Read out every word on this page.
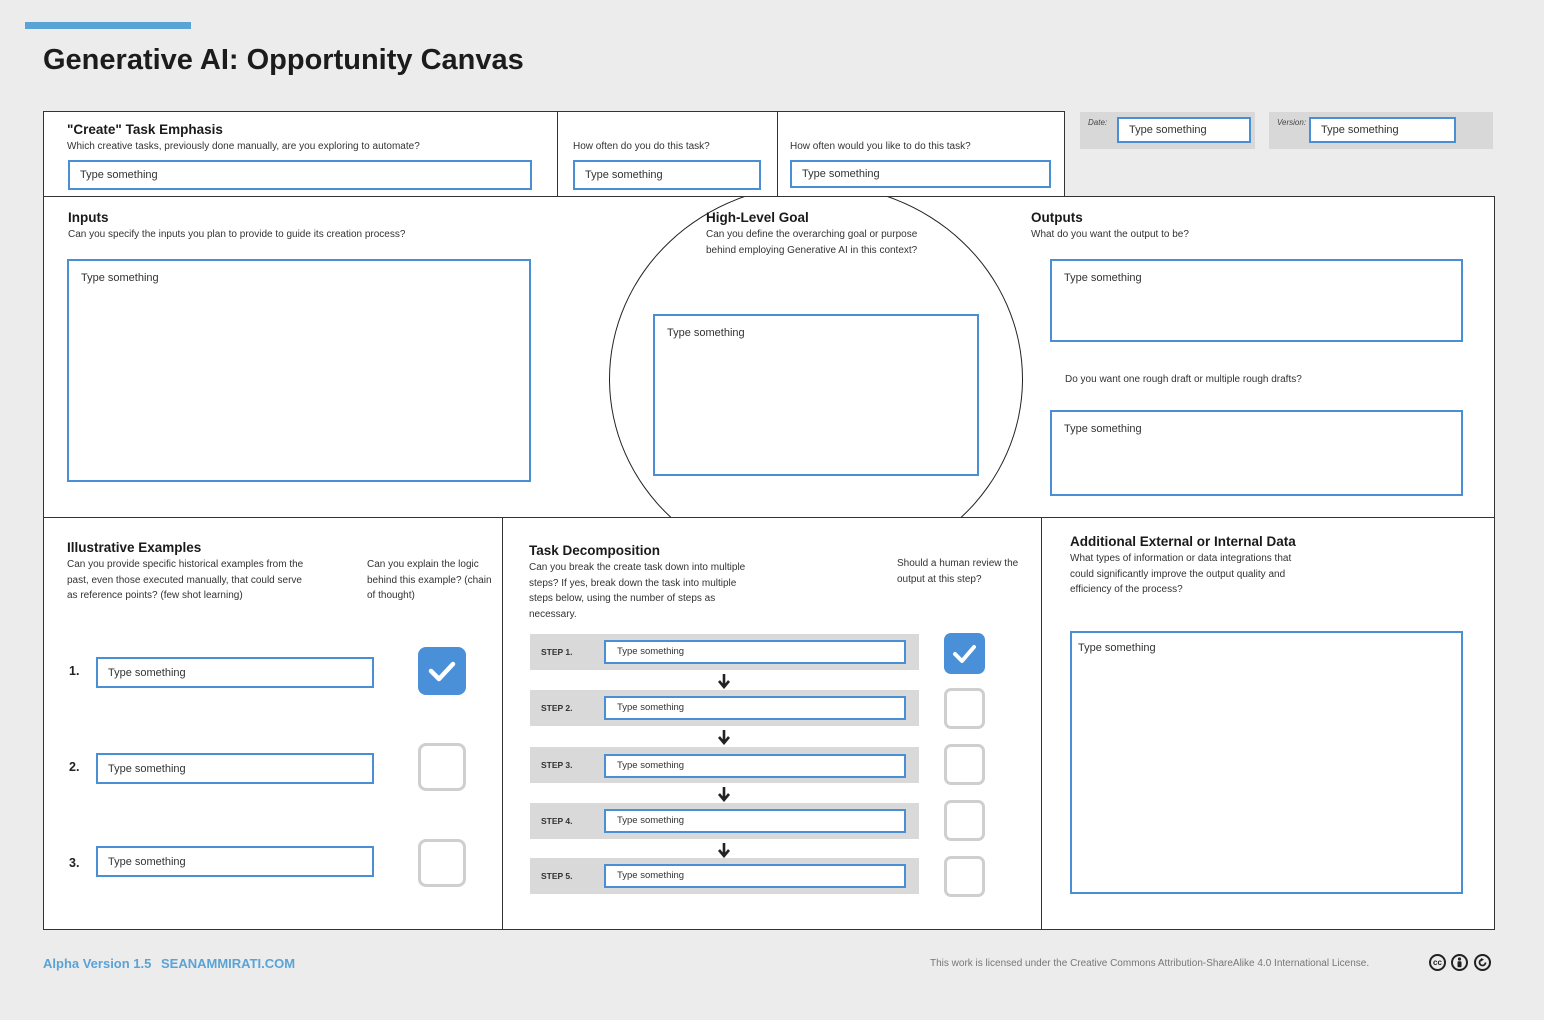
Generative AI: Opportunity Canvas
"Create" Task Emphasis
Which creative tasks, previously done manually, are you exploring to automate?
Type something
How often do you do this task?
Type something
How often would you like to do this task?
Type something
Date:
Type something
Version:
Type something
Inputs
Can you specify the inputs you plan to provide to guide its creation process?
Type something
High-Level Goal
Can you define the overarching goal or purpose behind employing Generative AI in this context?
Type something
Outputs
What do you want the output to be?
Type something
Do you want one rough draft or multiple rough drafts?
Type something
Illustrative Examples
Can you provide specific historical examples from the past, even those executed manually, that could serve as reference points? (few shot learning)
Can you explain the logic behind this example? (chain of thought)
1.	Type something
2.	Type something
3.	Type something
Task Decomposition
Can you break the create task down into multiple steps? If yes, break down the task into multiple steps below, using the number of steps as necessary.
Should a human review the output at this step?
STEP 1.	Type something
STEP 2.	Type something
STEP 3.	Type something
STEP 4.	Type something
STEP 5.	Type something
Additional External or Internal Data
What types of information or data integrations that could significantly improve the output quality and efficiency of the process?
Type something
Alpha Version 1.5 SEANAMMIRATI.COM	This work is licensed under the Creative Commons Attribution-ShareAlike 4.0 International License.	cc
